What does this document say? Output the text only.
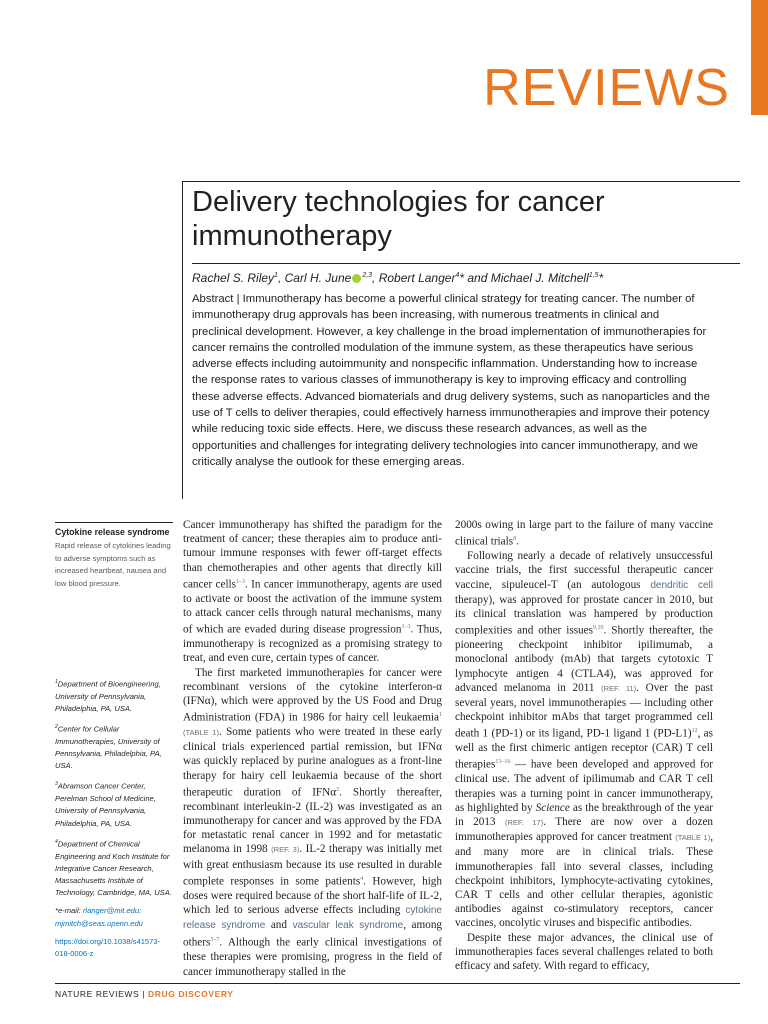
REVIEWS
Delivery technologies for cancer immunotherapy
Rachel S. Riley$^1$, Carl H. June $^{2,3}$, Robert Langer$^4$* and Michael J. Mitchell$^{1,5}$*
Abstract | Immunotherapy has become a powerful clinical strategy for treating cancer. The number of immunotherapy drug approvals has been increasing, with numerous treatments in clinical and preclinical development. However, a key challenge in the broad implementation of immunotherapies for cancer remains the controlled modulation of the immune system, as these therapeutics have serious adverse effects including autoimmunity and nonspecific inflammation. Understanding how to increase the response rates to various classes of immunotherapy is key to improving efficacy and controlling these adverse effects. Advanced biomaterials and drug delivery systems, such as nanoparticles and the use of T cells to deliver therapies, could effectively harness immunotherapies and improve their potency while reducing toxic side effects. Here, we discuss these research advances, as well as the opportunities and challenges for integrating delivery technologies into cancer immunotherapy, and we critically analyse the outlook for these emerging areas.
Cytokine release syndrome
Rapid release of cytokines leading to adverse symptoms such as increased heartbeat, nausea and low blood pressure.

$^1$Department of Bioengineering, University of Pennsylvania, Philadelphia, PA, USA.

$^2$Center for Cellular Immunotherapies, University of Pennsylvania, Philadelphia, PA, USA.

$^3$Abramson Cancer Center, Perelman School of Medicine, University of Pennsylvania, Philadelphia, PA, USA.

$^4$Department of Chemical Engineering and Koch Institute for Integrative Cancer Research, Massachusetts Institute of Technology, Cambridge, MA, USA.

*e-mail: rlanger@mit.edu; mjmitch@seas.upenn.edu

https://doi.org/10.1038/s41573-018-0006-z

Cancer immunotherapy has shifted the paradigm for the treatment of cancer; these therapies aim to produce anti-tumour immune responses with fewer off-target effects than chemotherapies and other agents that directly kill cancer cells$^{1-3}$. In cancer immunotherapy, agents are used to activate or boost the activation of the immune system to attack cancer cells through natural mechanisms, many of which are evaded during disease progression$^{1-3}$. Thus, immunotherapy is recognized as a promising strategy to treat, and even cure, certain types of cancer.

The first marketed immunotherapies for cancer were recombinant versions of the cytokine interferon-α (IFNα), which were approved by the US Food and Drug Administration (FDA) in 1986 for hairy cell leukaemia$^1$ (TABLE 1). Some patients who were treated in these early clinical trials experienced partial remission, but IFNα was quickly replaced by purine analogues as a front-line therapy for hairy cell leukaemia because of the short therapeutic duration of IFNα$^2$. Shortly thereafter, recombinant interleukin-2 (IL-2) was investigated as an immunotherapy for cancer and was approved by the FDA for metastatic renal cancer in 1992 and for metastatic melanoma in 1998 (REF. 3). IL-2 therapy was initially met with great enthusiasm because its use resulted in durable complete responses in some patients$^4$. However, high doses were required because of the short half-life of IL-2, which led to serious adverse effects including cytokine release syndrome and vascular leak syndrome, among others$^{5-7}$. Although the early clinical investigations of these therapies were promising, progress in the field of cancer immunotherapy stalled in the

2000s owing in large part to the failure of many vaccine clinical trials$^8$.

Following nearly a decade of relatively unsuccessful vaccine trials, the first successful therapeutic cancer vaccine, sipuleucel-T (an autologous dendritic cell therapy), was approved for prostate cancer in 2010, but its clinical translation was hampered by production complexities and other issues$^{9,10}$. Shortly thereafter, the pioneering checkpoint inhibitor ipilimumab, a monoclonal antibody (mAb) that targets cytotoxic T lymphocyte antigen 4 (CTLA4), was approved for advanced melanoma in 2011 (REF. 11). Over the past several years, novel immunotherapies — including other checkpoint inhibitor mAbs that target programmed cell death 1 (PD-1) or its ligand, PD-1 ligand 1 $(PD-L1)^{12}$, as well as the first chimeric antigen receptor (CAR) T cell therapies$^{13-16}$ — have been developed and approved for clinical use. The advent of ipilimumab and CAR T cell therapies was a turning point in cancer immunotherapy, as highlighted by Science as the breakthrough of the year in 2013 (REF. 17). There are now over a dozen immunotherapies approved for cancer treatment (TABLE 1), and many more are in clinical trials. These immunotherapies fall into several classes, including checkpoint inhibitors, lymphocyte-activating cytokines, CAR T cells and other cellular therapies, agonistic antibodies against co-stimulatory receptors, cancer vaccines, oncolytic viruses and bispecific antibodies.

Despite these major advances, the clinical use of immunotherapies faces several challenges related to both efficacy and safety. With regard to efficacy,

NATURE REVIEWS | DRUG DISCOVERY
